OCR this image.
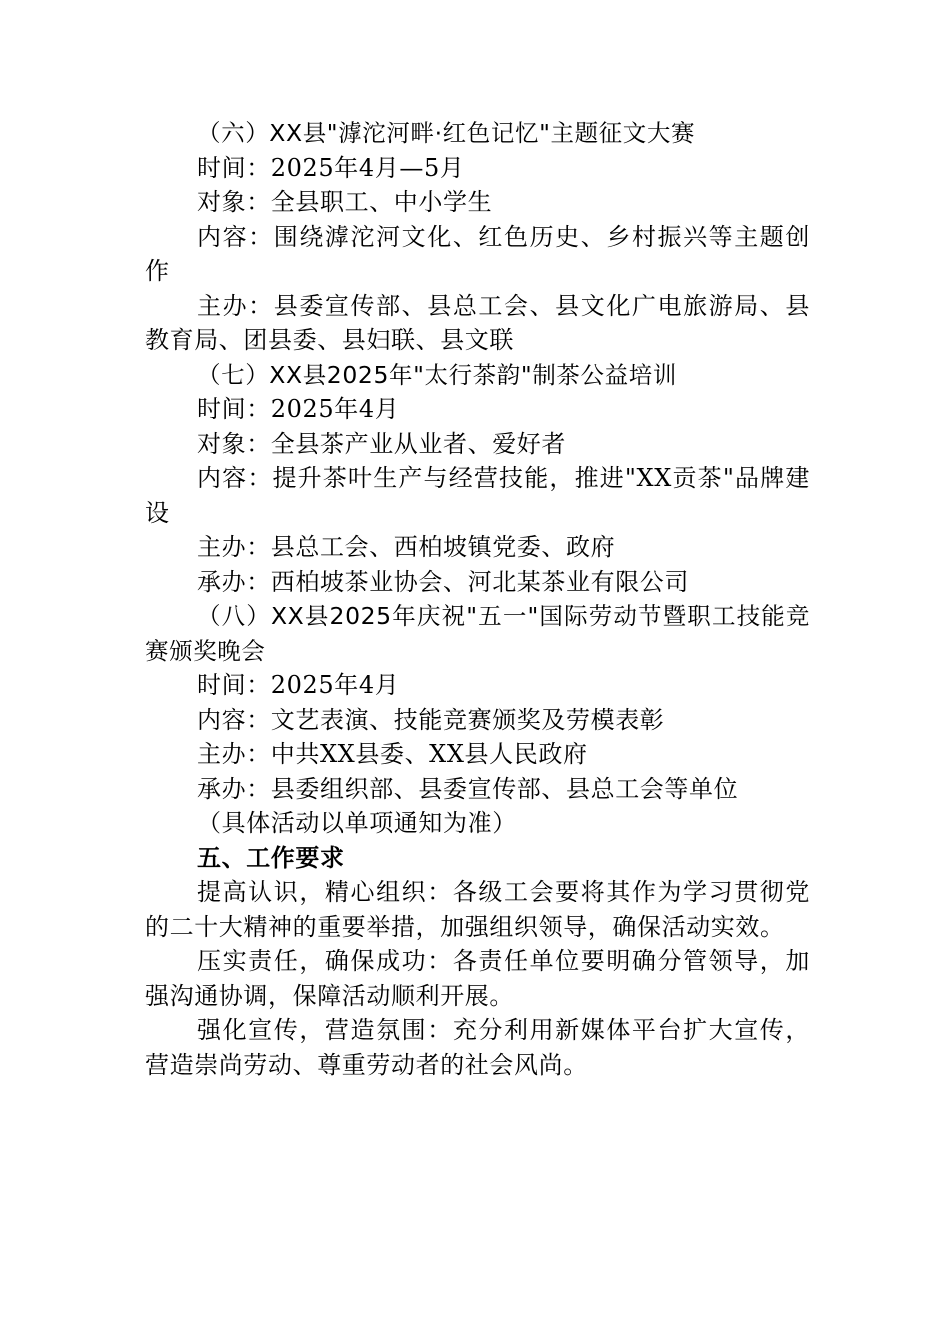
（六）XX县"滹沱河畔·红色记忆"主题征文大赛

时间：2025年4月—5月

对象：全县职工、中小学生

内容：围绕滹沱河文化、红色历史、乡村振兴等主题创作

主办：县委宣传部、县总工会、县文化广电旅游局、县教育局、团县委、县妇联、县文联

（七）XX县2025年"太行茶韵"制茶公益培训

时间：2025年4月

对象：全县茶产业从业者、爱好者

内容：提升茶叶生产与经营技能，推进"XX贡茶"品牌建设

主办：县总工会、西柏坡镇党委、政府

承办：西柏坡茶业协会、河北某茶业有限公司

（八）XX县2025年庆祝"五一"国际劳动节暨职工技能竞赛颁奖晚会

时间：2025年4月

内容：文艺表演、技能竞赛颁奖及劳模表彰

主办：中共XX县委、XX县人民政府

承办：县委组织部、县委宣传部、县总工会等单位

（具体活动以单项通知为准）

五、工作要求

提高认识，精心组织：各级工会要将其作为学习贯彻党的二十大精神的重要举措，加强组织领导，确保活动实效。

压实责任，确保成功：各责任单位要明确分管领导，加强沟通协调，保障活动顺利开展。

强化宣传，营造氛围：充分利用新媒体平台扩大宣传，营造崇尚劳动、尊重劳动者的社会风尚。
